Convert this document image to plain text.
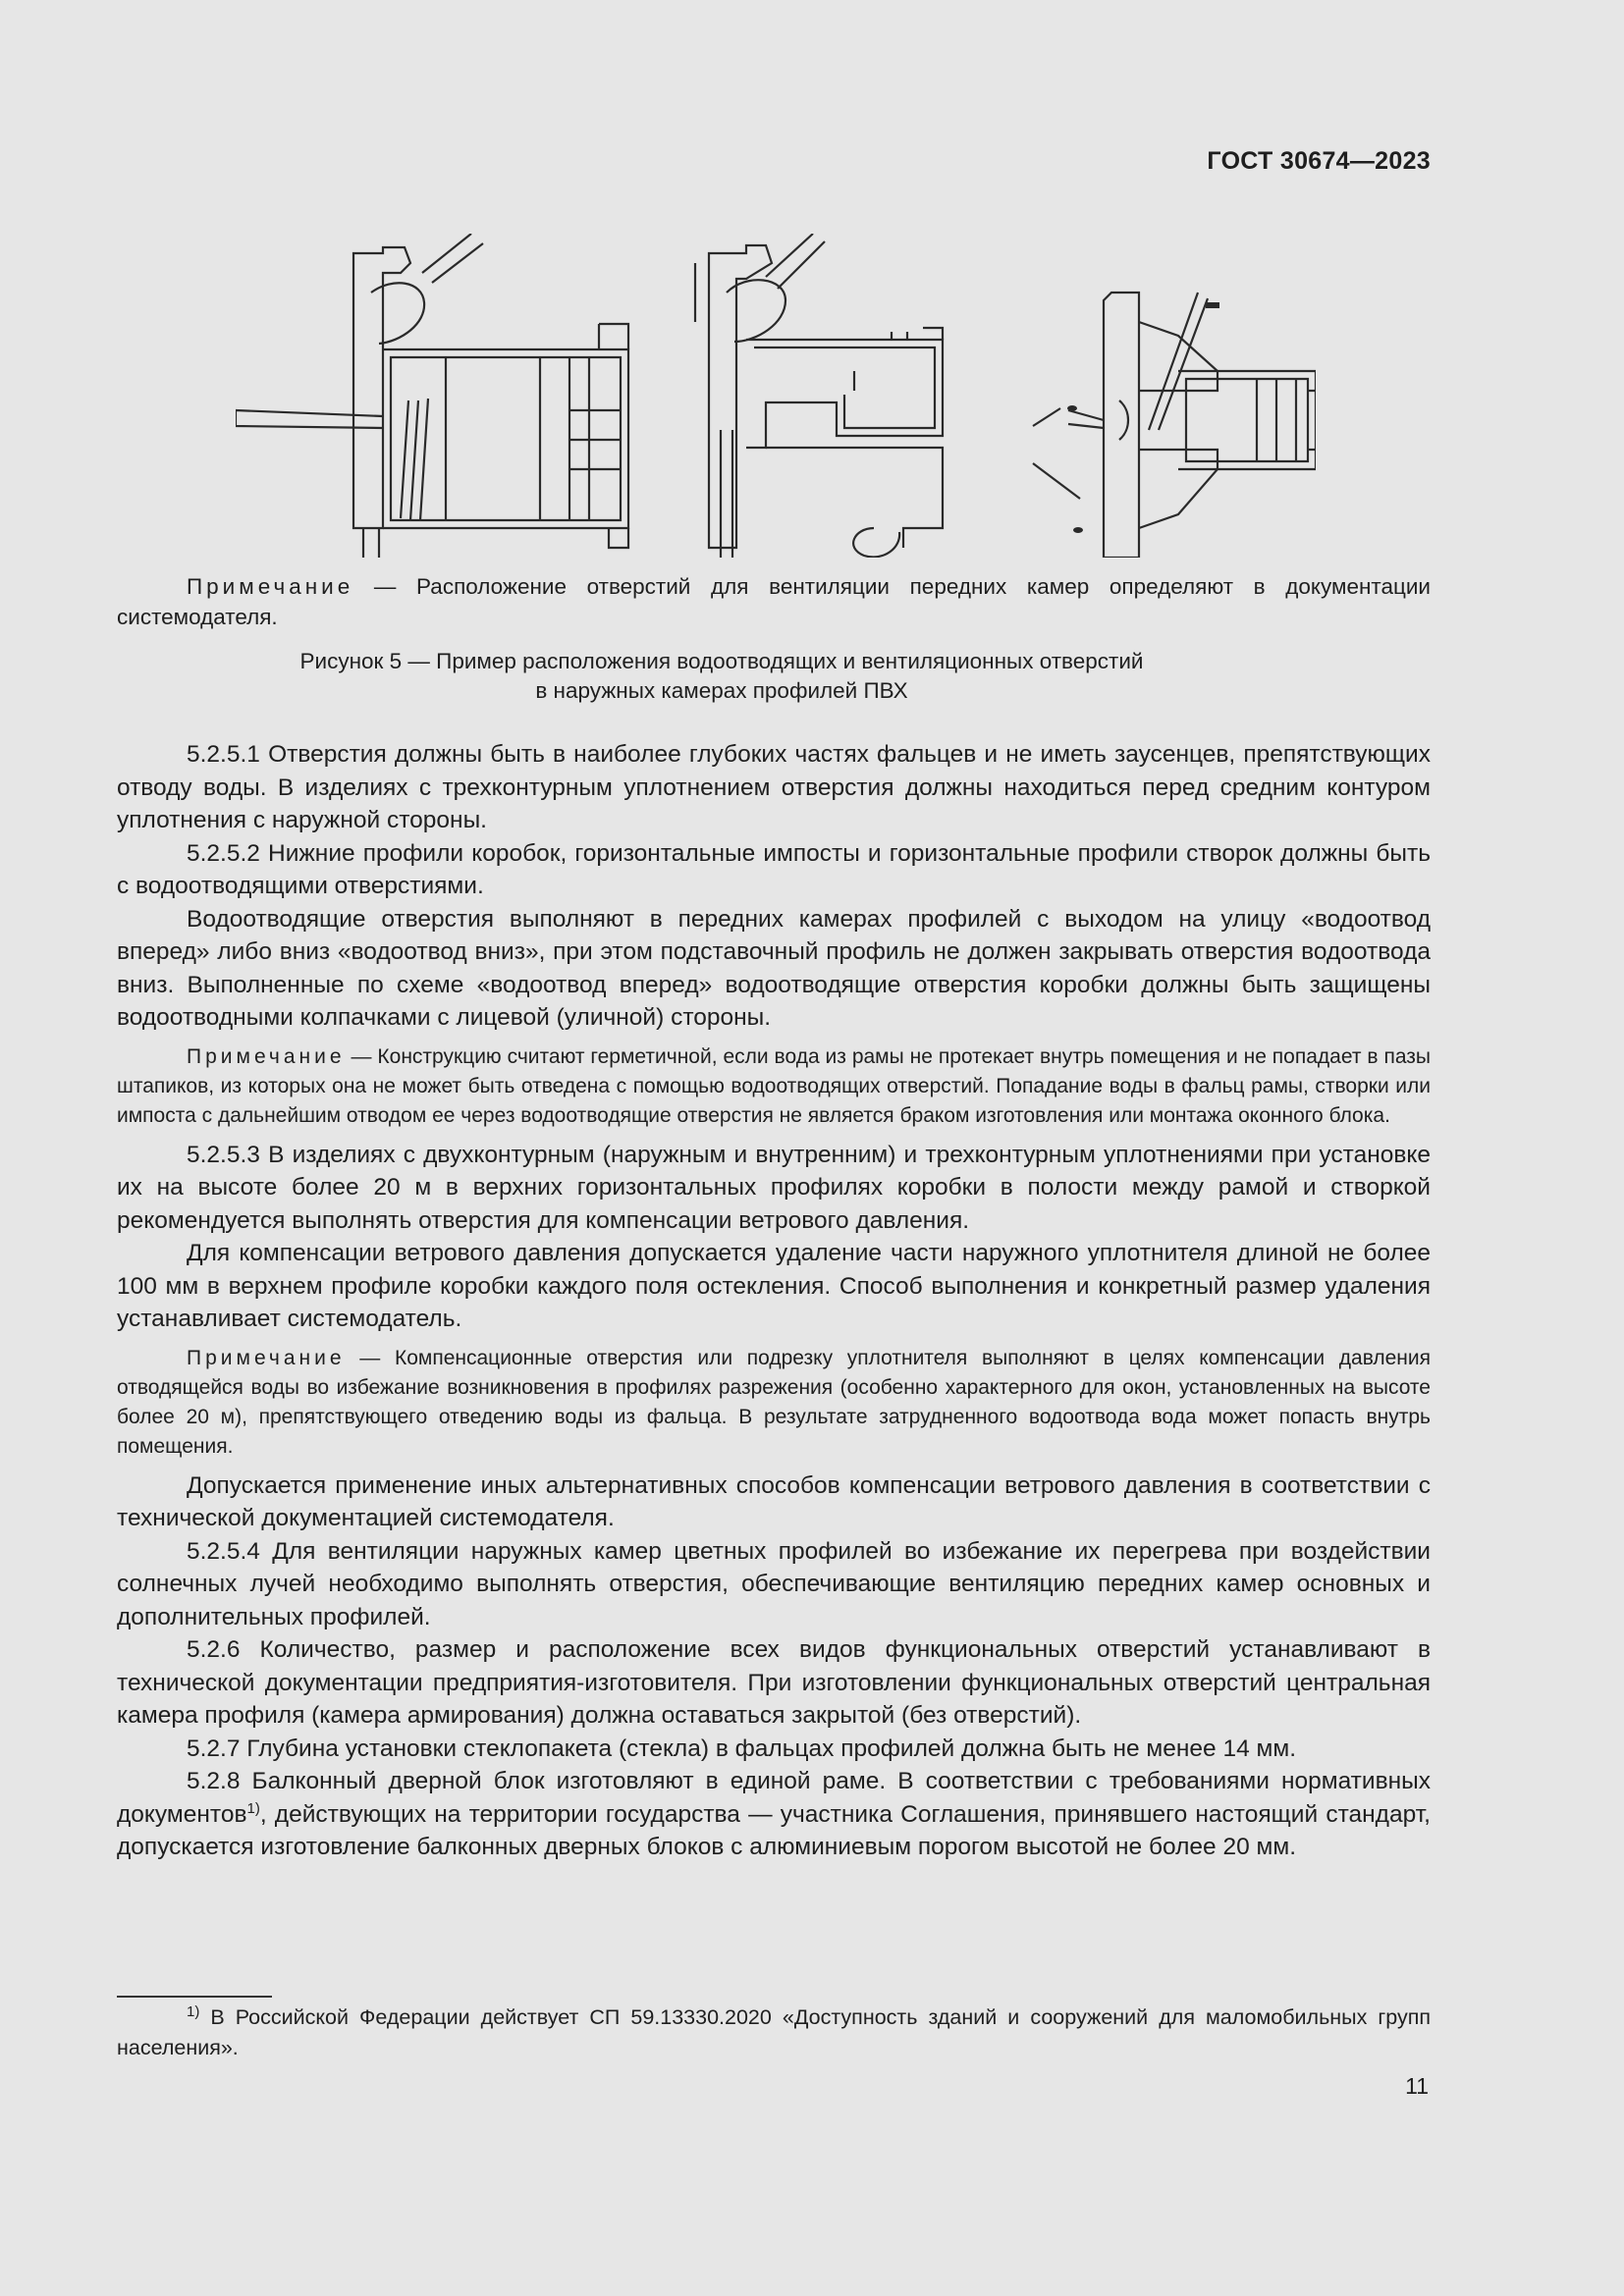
ГОСТ 30674—2023

Примечание — Расположение отверстий для вентиляции передних камер определяют в документации системодателя.

Рисунок 5 — Пример расположения водоотводящих и вентиляционных отверстий
в наружных камерах профилей ПВХ

5.2.5.1 Отверстия должны быть в наиболее глубоких частях фальцев и не иметь заусенцев, препятствующих отводу воды. В изделиях с трехконтурным уплотнением отверстия должны находиться перед средним контуром уплотнения с наружной стороны.

5.2.5.2 Нижние профили коробок, горизонтальные импосты и горизонтальные профили створок должны быть с водоотводящими отверстиями.

Водоотводящие отверстия выполняют в передних камерах профилей с выходом на улицу «водоотвод вперед» либо вниз «водоотвод вниз», при этом подставочный профиль не должен закрывать отверстия водоотвода вниз. Выполненные по схеме «водоотвод вперед» водоотводящие отверстия коробки должны быть защищены водоотводными колпачками с лицевой (уличной) стороны.

Примечание — Конструкцию считают герметичной, если вода из рамы не протекает внутрь помещения и не попадает в пазы штапиков, из которых она не может быть отведена с помощью водоотводящих отверстий. Попадание воды в фальц рамы, створки или импоста с дальнейшим отводом ее через водоотводящие отверстия не является браком изготовления или монтажа оконного блока.

5.2.5.3 В изделиях с двухконтурным (наружным и внутренним) и трехконтурным уплотнениями при установке их на высоте более 20 м в верхних горизонтальных профилях коробки в полости между рамой и створкой рекомендуется выполнять отверстия для компенсации ветрового давления.

Для компенсации ветрового давления допускается удаление части наружного уплотнителя длиной не более 100 мм в верхнем профиле коробки каждого поля остекления. Способ выполнения и конкретный размер удаления устанавливает системодатель.

Примечание — Компенсационные отверстия или подрезку уплотнителя выполняют в целях компенсации давления отводящейся воды во избежание возникновения в профилях разрежения (особенно характерного для окон, установленных на высоте более 20 м), препятствующего отведению воды из фальца. В результате затрудненного водоотвода вода может попасть внутрь помещения.

Допускается применение иных альтернативных способов компенсации ветрового давления в соответствии с технической документацией системодателя.

5.2.5.4 Для вентиляции наружных камер цветных профилей во избежание их перегрева при воздействии солнечных лучей необходимо выполнять отверстия, обеспечивающие вентиляцию передних камер основных и дополнительных профилей.

5.2.6 Количество, размер и расположение всех видов функциональных отверстий устанавливают в технической документации предприятия-изготовителя. При изготовлении функциональных отверстий центральная камера профиля (камера армирования) должна оставаться закрытой (без отверстий).

5.2.7 Глубина установки стеклопакета (стекла) в фальцах профилей должна быть не менее 14 мм.

5.2.8 Балконный дверной блок изготовляют в единой раме. В соответствии с требованиями нормативных документов$^{1)}$, действующих на территории государства — участника Соглашения, принявшего настоящий стандарт, допускается изготовление балконных дверных блоков с алюминиевым порогом высотой не более 20 мм.

$^{1)}$ В Российской Федерации действует СП 59.13330.2020 «Доступность зданий и сооружений для маломобильных групп населения».

11
